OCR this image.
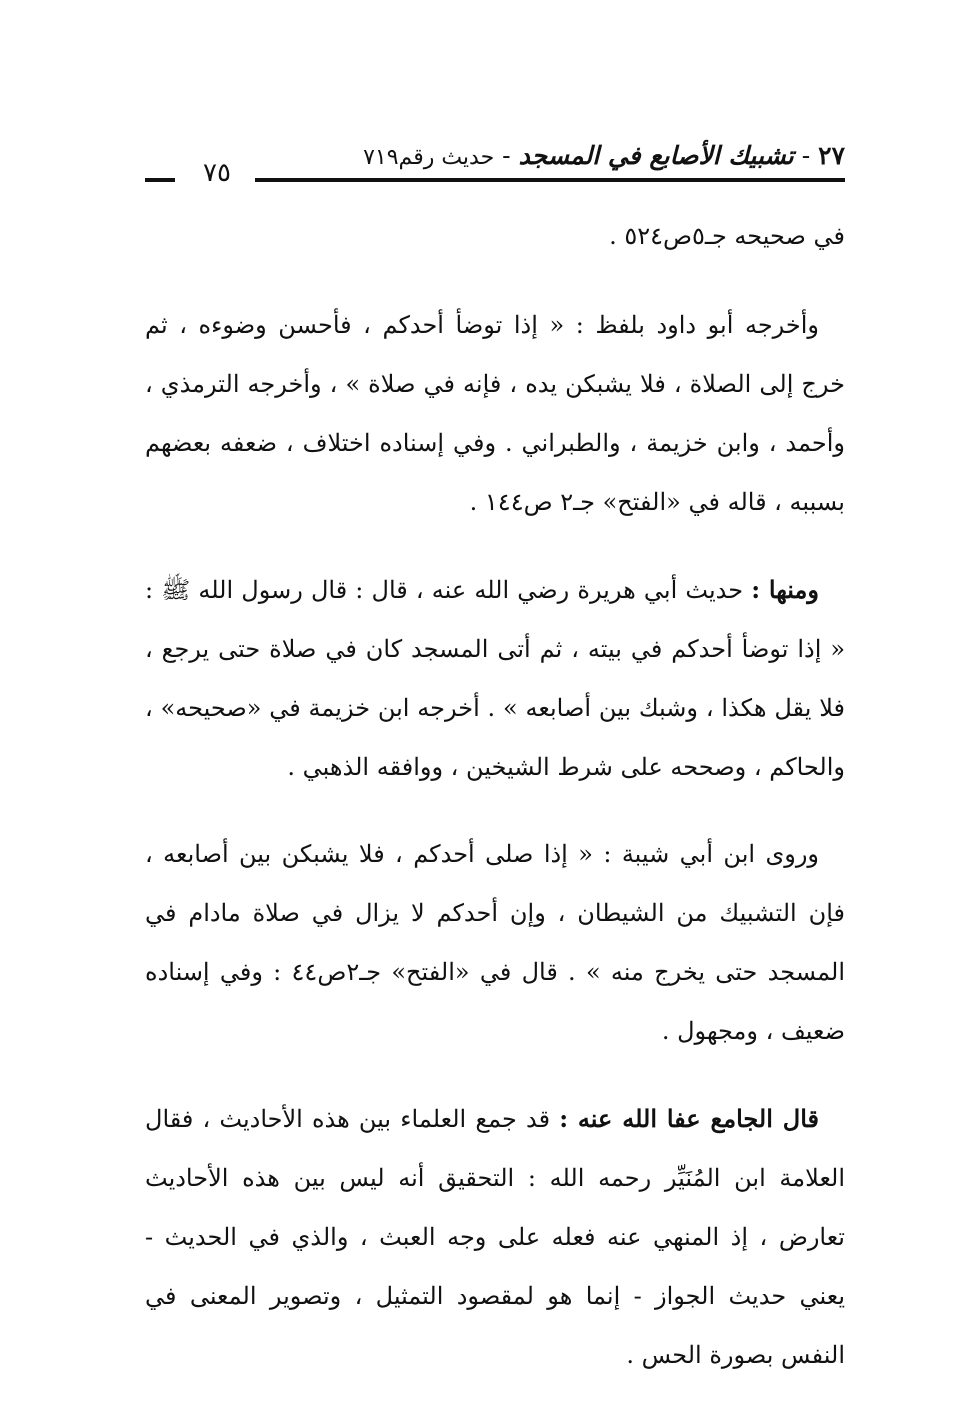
٢٧ - تشبيك الأصابع في المسجد - حديث رقم٧١٩
٧٥

في صحيحه جـ٥ص٥٢٤ .

وأخرجه أبو داود بلفظ : « إذا توضأ أحدكم ، فأحسن وضوءه ، ثم خرج إلى الصلاة ، فلا يشبكن يده ، فإنه في صلاة » ، وأخرجه الترمذي ، وأحمد ، وابن خزيمة ، والطبراني . وفي إسناده اختلاف ، ضعفه بعضهم بسببه ، قاله في «الفتح» جـ٢ ص١٤٤ .

ومنها : حديث أبي هريرة رضي الله عنه ، قال : قال رسول الله ﷺ : « إذا توضأ أحدكم في بيته ، ثم أتى المسجد كان في صلاة حتى يرجع ، فلا يقل هكذا ، وشبك بين أصابعه » . أخرجه ابن خزيمة في «صحيحه» ، والحاكم ، وصححه على شرط الشيخين ، ووافقه الذهبي .

وروى ابن أبي شيبة : « إذا صلى أحدكم ، فلا يشبكن بين أصابعه ، فإن التشبيك من الشيطان ، وإن أحدكم لا يزال في صلاة مادام في المسجد حتى يخرج منه » . قال في «الفتح» جـ٢ص٤٤ : وفي إسناده ضعيف ، ومجهول .

قال الجامع عفا الله عنه : قد جمع العلماء بين هذه الأحاديث ، فقال العلامة ابن المُنَيِّر رحمه الله : التحقيق أنه ليس بين هذه الأحاديث تعارض ، إذ المنهي عنه فعله على وجه العبث ، والذي في الحديث - يعني حديث الجواز - إنما هو لمقصود التمثيل ، وتصوير المعنى في النفس بصورة الحس .
